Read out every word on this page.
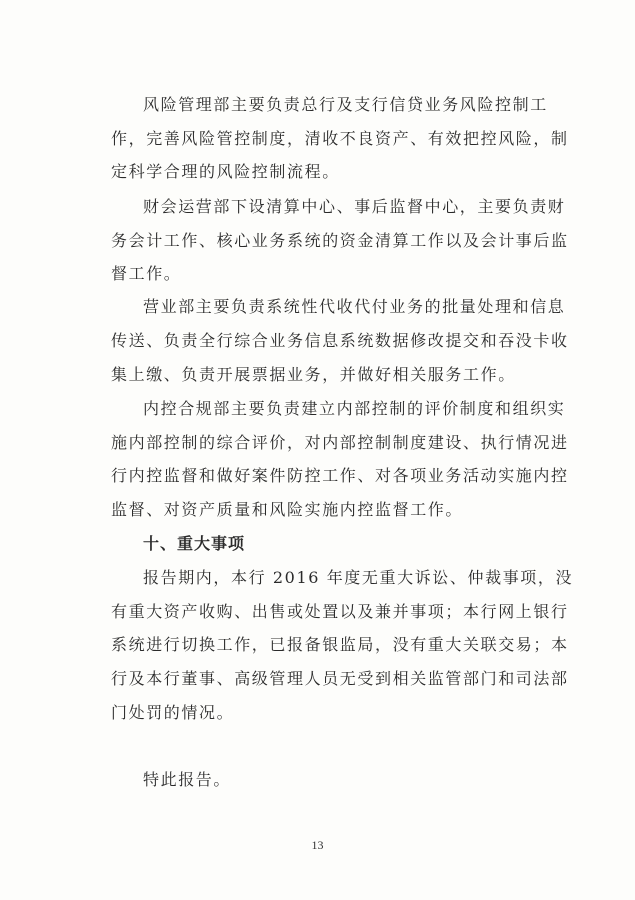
风险管理部主要负责总行及支行信贷业务风险控制工
作，完善风险管控制度，清收不良资产、有效把控风险，制
定科学合理的风险控制流程。
财会运营部下设清算中心、事后监督中心，主要负责财
务会计工作、核心业务系统的资金清算工作以及会计事后监
督工作。
营业部主要负责系统性代收代付业务的批量处理和信息
传送、负责全行综合业务信息系统数据修改提交和吞没卡收
集上缴、负责开展票据业务，并做好相关服务工作。
内控合规部主要负责建立内部控制的评价制度和组织实
施内部控制的综合评价，对内部控制制度建设、执行情况进
行内控监督和做好案件防控工作、对各项业务活动实施内控
监督、对资产质量和风险实施内控监督工作。
十、重大事项
报告期内，本行 2016 年度无重大诉讼、仲裁事项，没
有重大资产收购、出售或处置以及兼并事项；本行网上银行
系统进行切换工作，已报备银监局，没有重大关联交易；本
行及本行董事、高级管理人员无受到相关监管部门和司法部
门处罚的情况。
特此报告。
13
